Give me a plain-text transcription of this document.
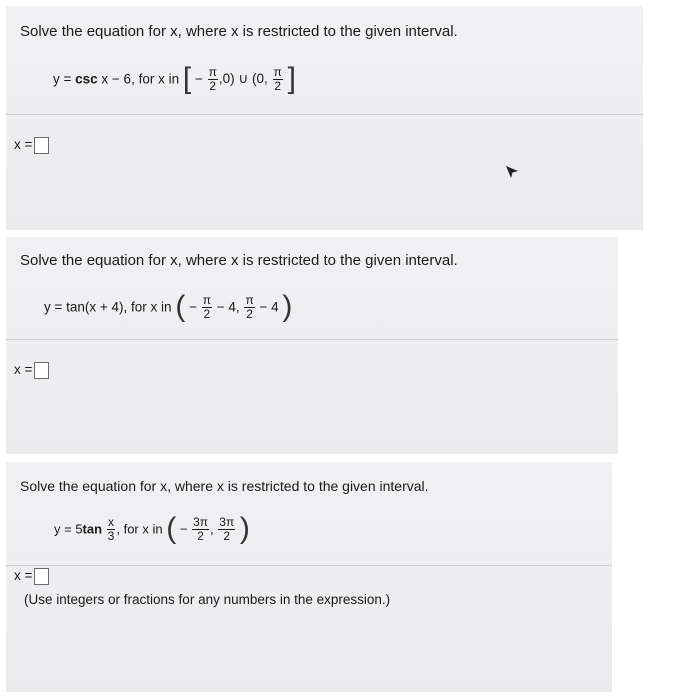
Solve the equation for x, where x is restricted to the given interval.
y = csc x − 6, for x in [ − $\frac{\pi}{2} ,0$) ∪ (0, $\frac{\pi}{2}$ ]
x =
Solve the equation for x, where x is restricted to the given interval.
y = tan(x + 4), for x in ( − $\frac{\pi}{2} - 4$, $\frac{\pi}{2} - 4$ )
x =
Solve the equation for x, where x is restricted to the given interval.
$y = 5\tan \frac{x}{3}$ , for x in ( − $\frac{3\pi}{2}$ , $\frac{3\pi}{2}$ )
x =
(Use integers or fractions for any numbers in the expression.)
